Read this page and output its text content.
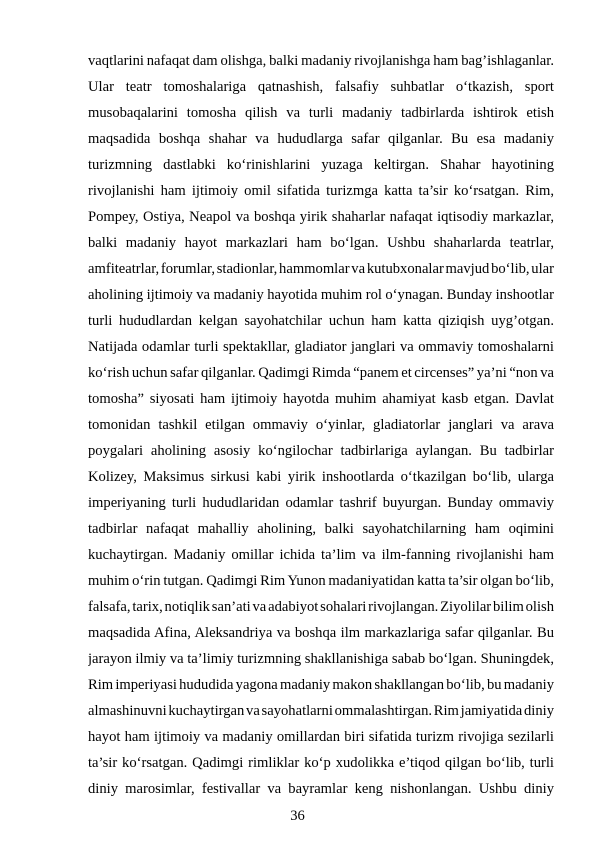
vaqtlarini nafaqat dam olishga, balki madaniy rivojlanishga ham bag’ishlaganlar.
Ular teatr tomoshalariga qatnashish, falsafiy suhbatlar o‘tkazish, sport
musobaqalarini tomosha qilish va turli madaniy tadbirlarda ishtirok etish
maqsadida boshqa shahar va hududlarga safar qilganlar. Bu esa madaniy
turizmning dastlabki ko‘rinishlarini yuzaga keltirgan. Shahar hayotining
rivojlanishi ham ijtimoiy omil sifatida turizmga katta ta’sir ko‘rsatgan. Rim,
Pompey, Ostiya, Neapol va boshqa yirik shaharlar nafaqat iqtisodiy markazlar,
balki madaniy hayot markazlari ham bo‘lgan. Ushbu shaharlarda teatrlar,
amfiteatrlar, forumlar, stadionlar, hammomlar va kutubxonalar mavjud bo‘lib, ular
aholining ijtimoiy va madaniy hayotida muhim rol o‘ynagan. Bunday inshootlar
turli hududlardan kelgan sayohatchilar uchun ham katta qiziqish uyg’otgan.
Natijada odamlar turli spektakllar, gladiator janglari va ommaviy tomoshalarni
ko‘rish uchun safar qilganlar. Qadimgi Rimda “panem et circenses” ya’ni “non va
tomosha” siyosati ham ijtimoiy hayotda muhim ahamiyat kasb etgan. Davlat
tomonidan tashkil etilgan ommaviy o‘yinlar, gladiatorlar janglari va arava
poygalari aholining asosiy ko‘ngilochar tadbirlariga aylangan. Bu tadbirlar
Kolizey, Maksimus sirkusi kabi yirik inshootlarda o‘tkazilgan bo‘lib, ularga
imperiyaning turli hududlaridan odamlar tashrif buyurgan. Bunday ommaviy
tadbirlar nafaqat mahalliy aholining, balki sayohatchilarning ham oqimini
kuchaytirgan. Madaniy omillar ichida ta’lim va ilm-fanning rivojlanishi ham
muhim o‘rin tutgan. Qadimgi Rim Yunon madaniyatidan katta ta’sir olgan bo‘lib,
falsafa, tarix, notiqlik san’ati va adabiyot sohalari rivojlangan. Ziyolilar bilim olish
maqsadida Afina, Aleksandriya va boshqa ilm markazlariga safar qilganlar. Bu
jarayon ilmiy va ta’limiy turizmning shakllanishiga sabab bo‘lgan. Shuningdek,
Rim imperiyasi hududida yagona madaniy makon shakllangan bo‘lib, bu madaniy
almashinuvni kuchaytirgan va sayohatlarni ommalashtirgan. Rim jamiyatida diniy
hayot ham ijtimoiy va madaniy omillardan biri sifatida turizm rivojiga sezilarli
ta’sir ko‘rsatgan. Qadimgi rimliklar ko‘p xudolikka e’tiqod qilgan bo‘lib, turli
diniy marosimlar, festivallar va bayramlar keng nishonlangan. Ushbu diniy
36
